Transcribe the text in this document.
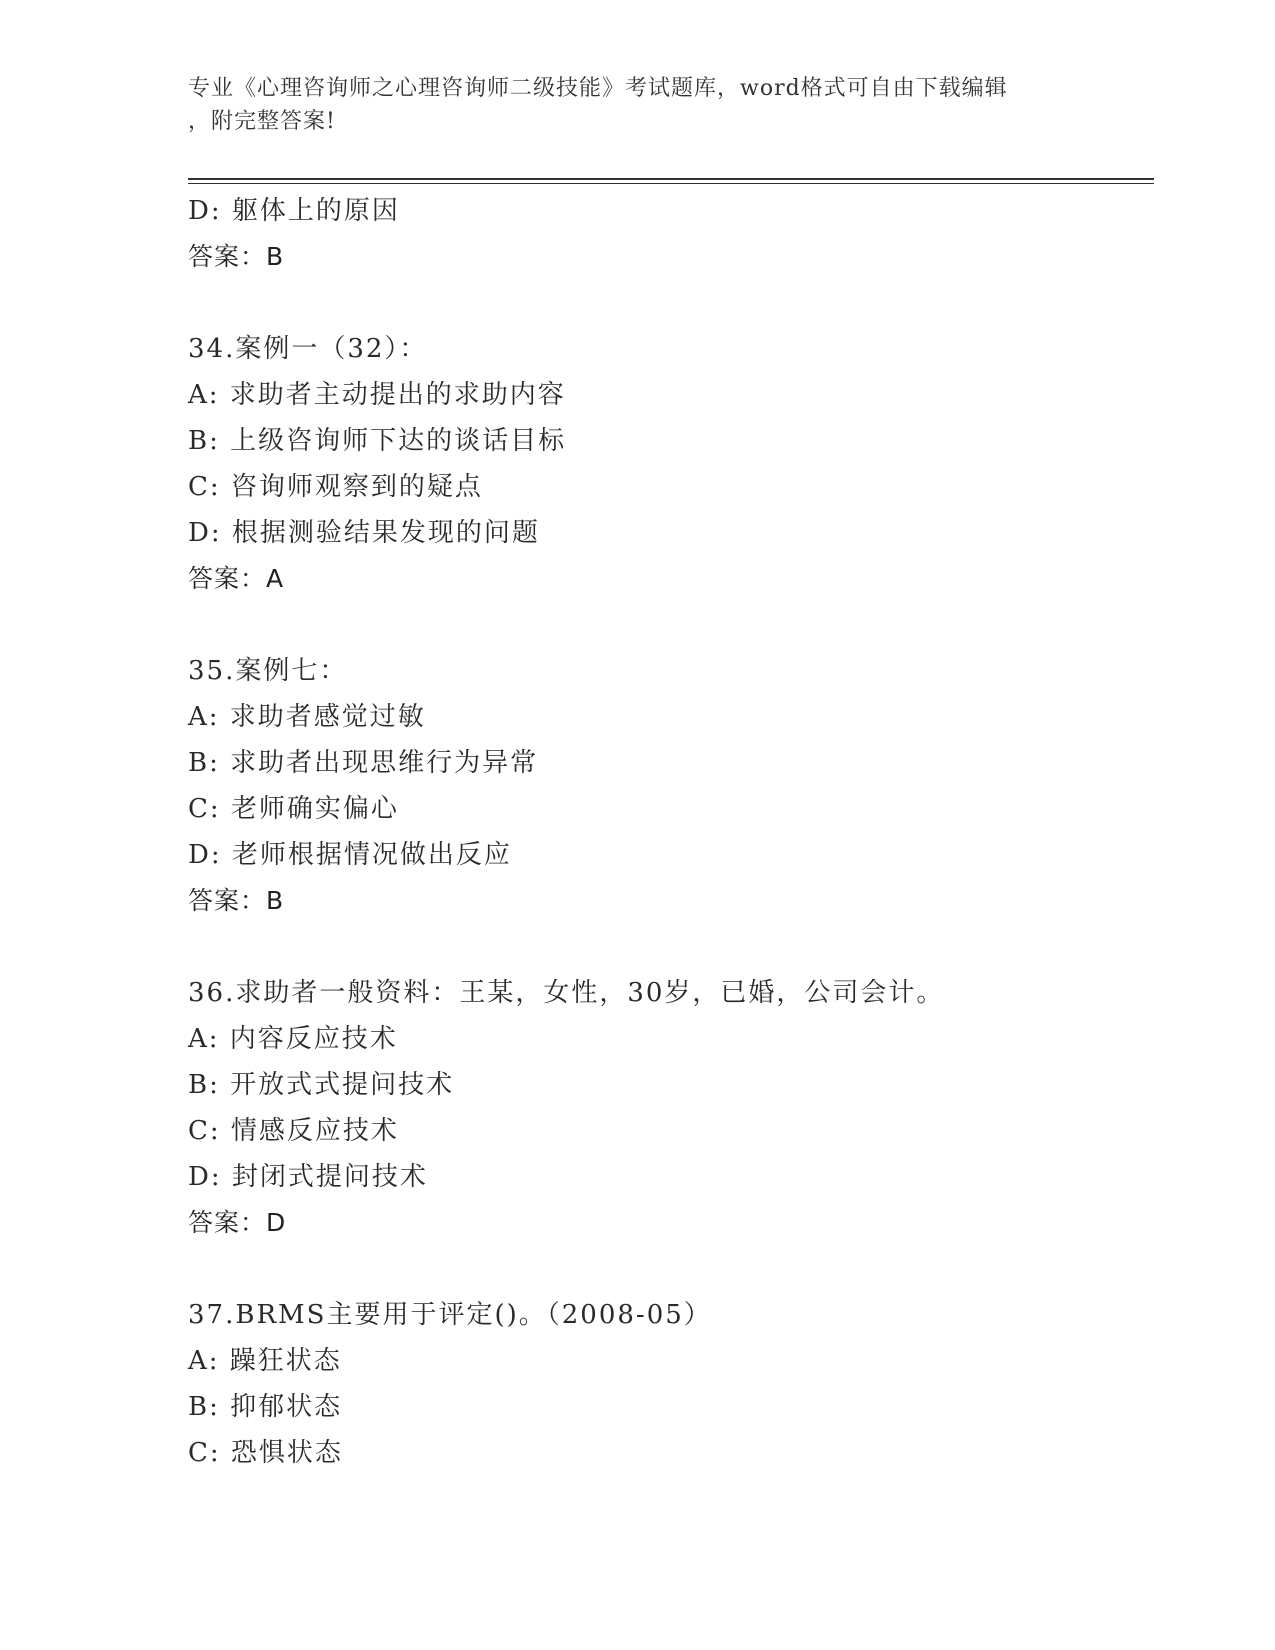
专业《心理咨询师之心理咨询师二级技能》考试题库，word格式可自由下载编辑
，附完整答案!
D: 躯体上的原因
答案：B
34.案例一（32）：
A: 求助者主动提出的求助内容
B: 上级咨询师下达的谈话目标
C: 咨询师观察到的疑点
D: 根据测验结果发现的问题
答案：A
35.案例七：
A: 求助者感觉过敏
B: 求助者出现思维行为异常
C: 老师确实偏心
D: 老师根据情况做出反应
答案：B
36.求助者一般资料：王某，女性，30岁，已婚，公司会计。
A: 内容反应技术
B: 开放式式提问技术
C: 情感反应技术
D: 封闭式提问技术
答案：D
37.BRMS主要用于评定()。（2008-05）
A: 躁狂状态
B: 抑郁状态
C: 恐惧状态
